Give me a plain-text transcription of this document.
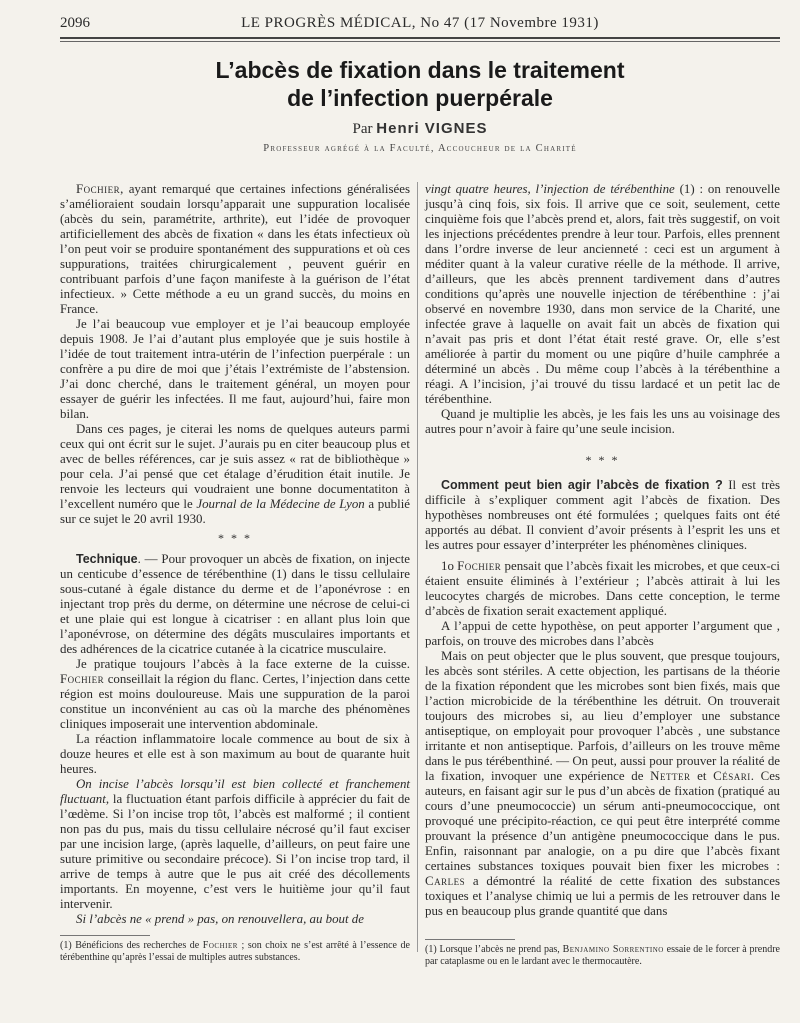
2096	LE PROGRÈS MÉDICAL, No 47 (17 Novembre 1931)
L’abcès de fixation dans le traitement
de l’infection puerpérale
Par Henri VIGNES
Professeur agrégé à la Faculté, Accoucheur de la Charité

Fochier, ayant remarqué que certaines infections généralisées s’amélioraient soudain lorsqu’apparait une suppuration localisée (abcès du sein, paramétrite, arthrite), eut l’idée de provoquer artificiellement des abcès de fixation « dans les états infectieux où l’on peut voir se produire spontanément des suppurations et où ces suppurations, traitées chirurgicalement , peuvent guérir en contribuant parfois d’une façon manifeste à la guérison de l’état infectieux. » Cette méthode a eu un grand succès, du moins en France.

Je l’ai beaucoup vue employer et je l’ai beaucoup employée depuis 1908. Je l’ai d’autant plus employée que je suis hostile à l’idée de tout traitement intra-utérin de l’infection puerpérale : un confrère a pu dire de moi que j’étais l’extrémiste de l’abstension. J’ai donc cherché, dans le traitement général, un moyen pour essayer de guérir les infectées. Il me faut, aujourd’hui, faire mon bilan.

Dans ces pages, je citerai les noms de quelques auteurs parmi ceux qui ont écrit sur le sujet. J’aurais pu en citer beaucoup plus et avec de belles références, car je suis assez « rat de bibliothèque » pour cela. J’ai pensé que cet étalage d’érudition était inutile. Je renvoie les lecteurs qui voudraient une bonne documentatiton à l’excellent numéro que le Journal de la Médecine de Lyon a publié sur ce sujet le 20 avril 1930.

* * *

Technique. — Pour provoquer un abcès de fixation, on injecte un centicube d’essence de térébenthine (1) dans le tissu cellulaire sous-cutané à égale distance du derme et de l’aponévrose : en injectant trop près du derme, on détermine une nécrose de celui-ci et une plaie qui est longue à cicatriser : en allant plus loin que l’aponévrose, on détermine des dégâts musculaires importants et des adhérences de la cicatrice cutanée à la cicatrice musculaire.

Je pratique toujours l’abcès à la face externe de la cuisse. Fochier conseillait la région du flanc. Certes, l’injection dans cette région est moins douloureuse. Mais une suppuration de la paroi constitue un inconvénient au cas où la marche des phénomènes cliniques imposerait une intervention abdominale.

La réaction inflammatoire locale commence au bout de six à douze heures et elle est à son maximum au bout de quarante huit heures.

On incise l’abcès lorsqu’il est bien collecté et franchement fluctuant, la fluctuation étant parfois difficile à apprécier du fait de l’œdème. Si l’on incise trop tôt, l’abcès est malformé ; il contient non pas du pus, mais du tissu cellulaire nécrosé qu’il faut exciser par une incision large, (après laquelle, d’ailleurs, on peut faire une suture primitive ou secondaire précoce). Si l’on incise trop tard, il arrive de temps à autre que le pus ait créé des décollements importants. En moyenne, c’est vers le huitième jour qu’il faut intervenir.

Si l’abcès ne « prend » pas, on renouvellera, au bout de

vingt quatre heures, l’injection de térébenthine (1) : on renouvelle jusqu’à cinq fois, six fois. Il arrive que ce soit, seulement, cette cinquième fois que l’abcès prend et, alors, fait très suggestif, on voit les injections précédentes prendre à leur tour. Parfois, elles prennent dans l’ordre inverse de leur ancienneté : ceci est un argument à méditer quant à la valeur curative réelle de la méthode. Il arrive, d’ailleurs, que les abcès prennent tardivement dans d’autres conditions qu’après une nouvelle injection de térébenthine : j’ai observé en novembre 1930, dans mon service de la Charité, une infectée grave à laquelle on avait fait un abcès de fixation qui n’avait pas pris et dont l’état était resté grave. Or, elle s’est améliorée à partir du moment ou une piqûre d’huile camphrée a déterminé un abcès . Du même coup l’abcès à la térébenthine a réagi. A l’incision, j’ai trouvé du tissu lardacé et un petit lac de térébenthine.

Quand je multiplie les abcès, je les fais les uns au voisinage des autres pour n’avoir à faire qu’une seule incision.

* * *

Comment peut bien agir l’abcès de fixation ? Il est très difficile à s’expliquer comment agit l’abcès de fixation. Des hypothèses nombreuses ont été formulées ; quelques faits ont été apportés au débat. Il convient d’avoir présents à l’esprit les uns et les autres pour essayer d’interpréter les phénomènes cliniques.

1o Fochier pensait que l’abcès fixait les microbes, et que ceux-ci étaient ensuite éliminés à l’extérieur ; l’abcès attirait à lui les leucocytes chargés de microbes. Dans cette conception, le terme d’abcès de fixation serait exactement appliqué.

A l’appui de cette hypothèse, on peut apporter l’argument que , parfois, on trouve des microbes dans l’abcès

Mais on peut objecter que le plus souvent, que presque toujours, les abcès sont stériles. A cette objection, les partisans de la théorie de la fixation répondent que les microbes sont bien fixés, mais que l’action microbicide de la térébenthine les détruit. On trouverait toujours des microbes si, au lieu d’employer une substance antiseptique, on employait pour provoquer l’abcès , une substance irritante et non antiseptique. Parfois, d’ailleurs on les trouve même dans le pus térébenthiné. — On peut, aussi pour prouver la réalité de la fixation, invoquer une expérience de Netter et Césari. Ces auteurs, en faisant agir sur le pus d’un abcès de fixation (pratiqué au cours d’une pneumococcie) un sérum anti-pneumococcique, ont provoqué une précipito-réaction, ce qui peut être interprété comme prouvant la présence d’un antigène pneumococcique dans le pus. Enfin, raisonnant par analogie, on a pu dire que l’abcès fixant certaines substances toxiques pouvait bien fixer les microbes : Carles a démontré la réalité de cette fixation des substances toxiques et l’analyse chimiq ue lui a permis de les retrouver dans le pus en beaucoup plus grande quantité que dans

(1) Bénéficions des recherches de Fochier ; son choix ne s’est arrêté à l’essence de térébenthine qu’après l’essai de multiples autres substances.
(1) Lorsque l’abcès ne prend pas, Benjamino Sorrentino essaie de le forcer à prendre par cataplasme ou en le lardant avec le thermocautère.
